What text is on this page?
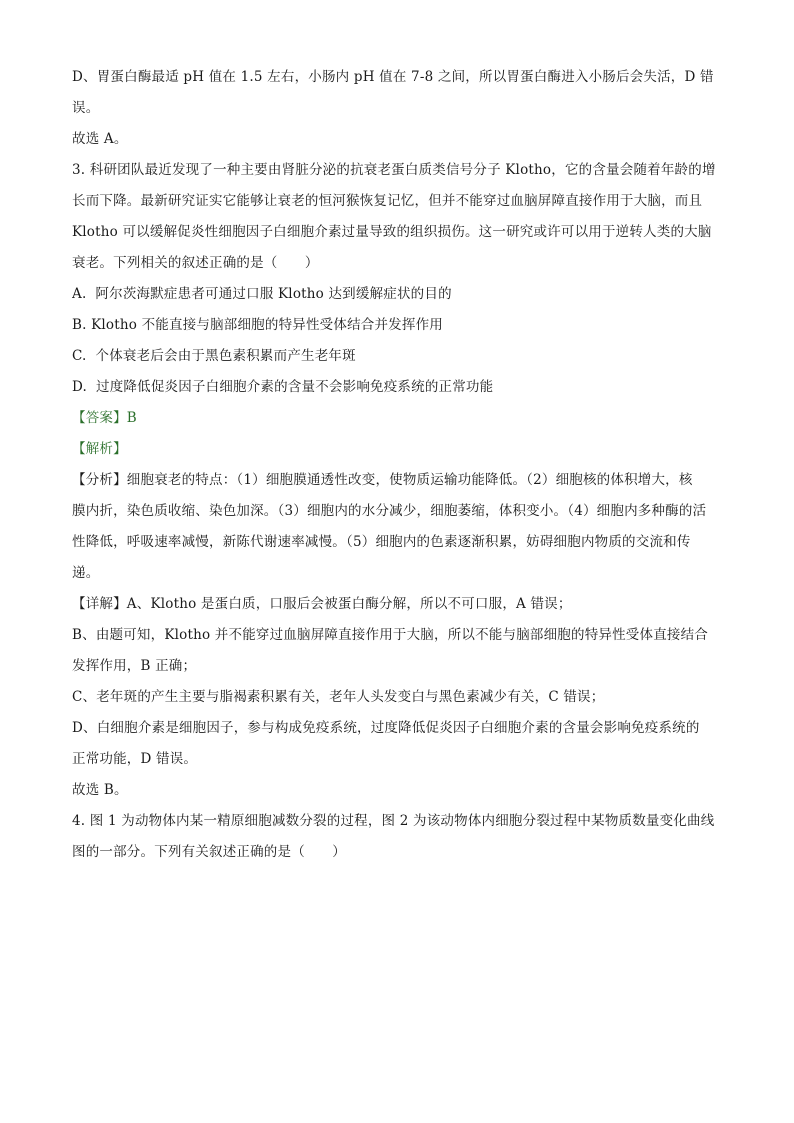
D、胃蛋白酶最适 pH 值在 1.5 左右，小肠内 pH 值在 7-8 之间，所以胃蛋白酶进入小肠后会失活，D 错
误。
故选 A。
3. 科研团队最近发现了一种主要由肾脏分泌的抗衰老蛋白质类信号分子 Klotho，它的含量会随着年龄的增
长而下降。最新研究证实它能够让衰老的恒河猴恢复记忆，但并不能穿过血脑屏障直接作用于大脑，而且
Klotho 可以缓解促炎性细胞因子白细胞介素过量导致的组织损伤。这一研究或许可以用于逆转人类的大脑
衰老。下列相关的叙述正确的是（　　）
A.  阿尔茨海默症患者可通过口服 Klotho 达到缓解症状的目的
B. Klotho 不能直接与脑部细胞的特异性受体结合并发挥作用
C.  个体衰老后会由于黑色素积累而产生老年斑
D.  过度降低促炎因子白细胞介素的含量不会影响免疫系统的正常功能
【答案】B
【解析】
【分析】细胞衰老的特点：（1）细胞膜通透性改变，使物质运输功能降低。（2）细胞核的体积增大，核
膜内折，染色质收缩、染色加深。（3）细胞内的水分减少，细胞萎缩，体积变小。（4）细胞内多种酶的活
性降低，呼吸速率减慢，新陈代谢速率减慢。（5）细胞内的色素逐渐积累，妨碍细胞内物质的交流和传
递。
【详解】A、Klotho 是蛋白质，口服后会被蛋白酶分解，所以不可口服，A 错误；
B、由题可知，Klotho 并不能穿过血脑屏障直接作用于大脑，所以不能与脑部细胞的特异性受体直接结合
发挥作用，B 正确；
C、老年斑的产生主要与脂褐素积累有关，老年人头发变白与黑色素减少有关，C 错误；
D、白细胞介素是细胞因子，参与构成免疫系统，过度降低促炎因子白细胞介素的含量会影响免疫系统的
正常功能，D 错误。
故选 B。
4. 图 1 为动物体内某一精原细胞减数分裂的过程，图 2 为该动物体内细胞分裂过程中某物质数量变化曲线
图的一部分。下列有关叙述正确的是（　　）
